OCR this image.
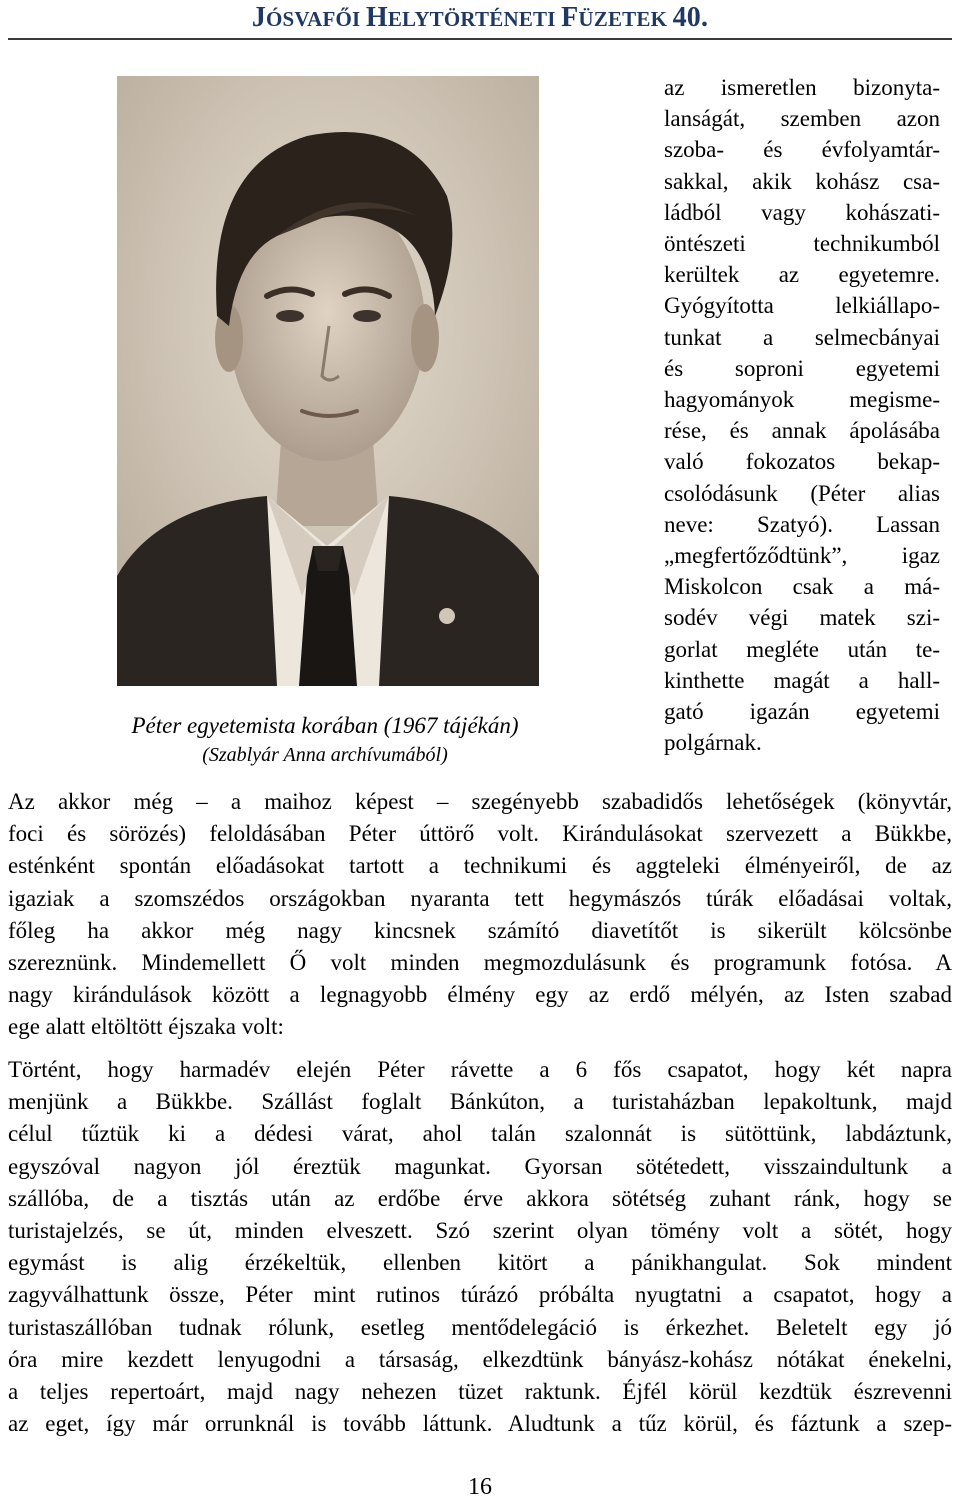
JÓSVAFŐI HELYTÖRTÉNETI FÜZETEK 40.
Péter egyetemista korában (1967 tájékán)
(Szablyár Anna archívumából)
az ismeretlen bizonyta-
lanságát, szemben azon
szoba- és évfolyamtár-
sakkal, akik kohász csa-
ládból vagy kohászati-
öntészeti technikumból
kerültek az egyetemre.
Gyógyította lelkiállapo-
tunkat a selmecbányai
és soproni egyetemi
hagyományok megisme-
rése, és annak ápolásába
való fokozatos bekap-
csolódásunk (Péter alias
neve: Szatyó). Lassan
„megfertőződtünk”, igaz
Miskolcon csak a má-
sodév végi matek szi-
gorlat megléte után te-
kinthette magát a hall-
gató igazán egyetemi
polgárnak.
Az akkor még – a maihoz képest – szegényebb szabadidős lehetőségek (könyvtár,
foci és sörözés) feloldásában Péter úttörő volt. Kirándulásokat szervezett a Bükkbe,
esténként spontán előadásokat tartott a technikumi és aggteleki élményeiről, de az
igaziak a szomszédos országokban nyaranta tett hegymászós túrák előadásai voltak,
főleg ha akkor még nagy kincsnek számító diavetítőt is sikerült kölcsönbe
szereznünk. Mindemellett Ő volt minden megmozdulásunk és programunk fotósa. A
nagy kirándulások között a legnagyobb élmény egy az erdő mélyén, az Isten szabad
ege alatt eltöltött éjszaka volt:
Történt, hogy harmadév elején Péter rávette a 6 fős csapatot, hogy két napra
menjünk a Bükkbe. Szállást foglalt Bánkúton, a turistaházban lepakoltunk, majd
célul tűztük ki a dédesi várat, ahol talán szalonnát is sütöttünk, labdáztunk,
egyszóval nagyon jól éreztük magunkat. Gyorsan sötétedett, visszaindultunk a
szállóba, de a tisztás után az erdőbe érve akkora sötétség zuhant ránk, hogy se
turistajelzés, se út, minden elveszett. Szó szerint olyan tömény volt a sötét, hogy
egymást is alig érzékeltük, ellenben kitört a pánikhangulat. Sok mindent
zagyválhattunk össze, Péter mint rutinos túrázó próbálta nyugtatni a csapatot, hogy a
turistaszállóban tudnak rólunk, esetleg mentődelegáció is érkezhet. Beletelt egy jó
óra mire kezdett lenyugodni a társaság, elkezdtünk bányász-kohász nótákat énekelni,
a teljes repertoárt, majd nagy nehezen tüzet raktunk. Éjfél körül kezdtük észrevenni
az eget, így már orrunknál is tovább láttunk. Aludtunk a tűz körül, és fáztunk a szep-
16
